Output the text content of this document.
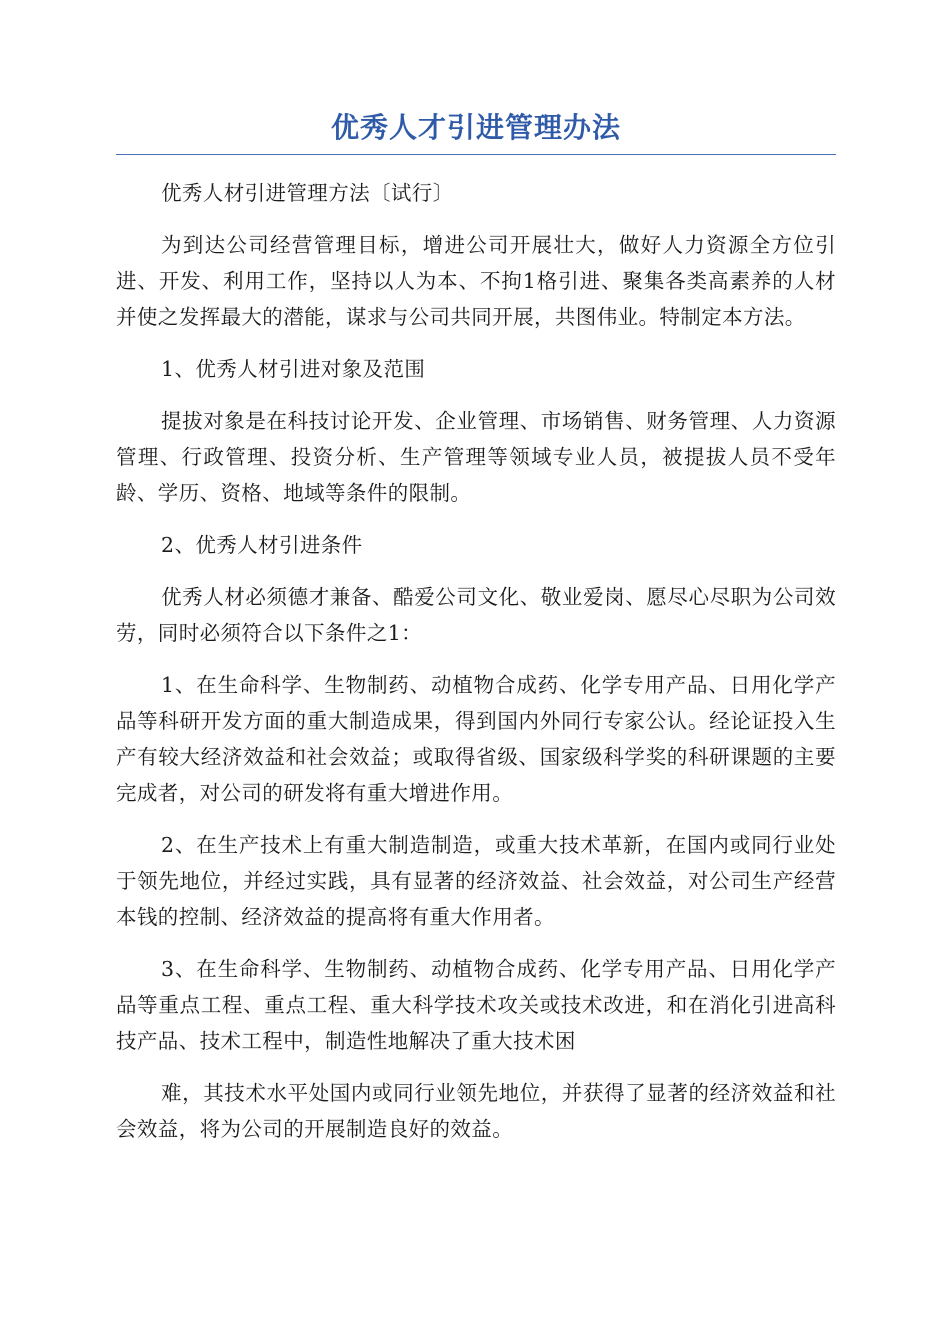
优秀人才引进管理办法

优秀人材引进管理方法〔试行〕

为到达公司经营管理目标，增进公司开展壮大，做好人力资源全方位引进、开发、利用工作，坚持以人为本、不拘1格引进、聚集各类高素养的人材并使之发挥最大的潜能，谋求与公司共同开展，共图伟业。特制定本方法。

1、优秀人材引进对象及范围

提拔对象是在科技讨论开发、企业管理、市场销售、财务管理、人力资源管理、行政管理、投资分析、生产管理等领域专业人员，被提拔人员不受年龄、学历、资格、地域等条件的限制。

2、优秀人材引进条件

优秀人材必须德才兼备、酷爱公司文化、敬业爱岗、愿尽心尽职为公司效劳，同时必须符合以下条件之1：

1、在生命科学、生物制药、动植物合成药、化学专用产品、日用化学产品等科研开发方面的重大制造成果，得到国内外同行专家公认。经论证投入生产有较大经济效益和社会效益；或取得省级、国家级科学奖的科研课题的主要完成者，对公司的研发将有重大增进作用。

2、在生产技术上有重大制造制造，或重大技术革新，在国内或同行业处于领先地位，并经过实践，具有显著的经济效益、社会效益，对公司生产经营本钱的控制、经济效益的提高将有重大作用者。

3、在生命科学、生物制药、动植物合成药、化学专用产品、日用化学产品等重点工程、重点工程、重大科学技术攻关或技术改进，和在消化引进高科技产品、技术工程中，制造性地解决了重大技术困

难，其技术水平处国内或同行业领先地位，并获得了显著的经济效益和社会效益，将为公司的开展制造良好的效益。
